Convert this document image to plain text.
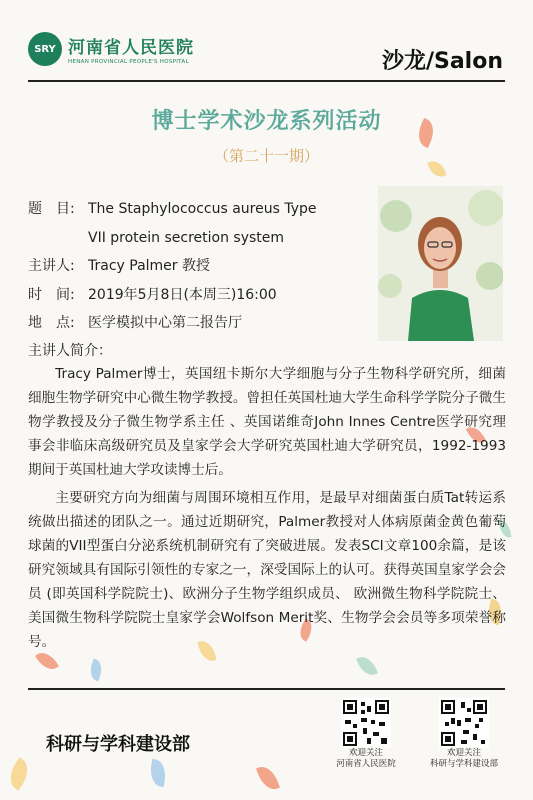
SRY 河南省人民医院
HENAN PROVINCIAL PEOPLE'S HOSPITAL	沙龙/Salon
博士学术沙龙系列活动
（第二十一期）
题　目: The Staphylococcus aureus Type
VII protein secretion system
主讲人: Tracy Palmer 教授
时　间: 2019年5月8日(本周三)16:00
地　点: 医学模拟中心第二报告厅
主讲人简介：
Tracy Palmer博士，英国纽卡斯尔大学细胞与分子生物科学研究所，细菌细胞生物学研究中心微生物学教授。曾担任英国杜迪大学生命科学学院分子微生物学教授及分子微生物学系主任 、英国诺维奇John Innes Centre医学研究理事会非临床高级研究员及皇家学会大学研究英国杜迪大学研究员，1992-1993 期间于英国杜迪大学攻读博士后。
主要研究方向为细菌与周围环境相互作用，是最早对细菌蛋白质Tat转运系统做出描述的团队之一。通过近期研究，Palmer教授对人体病原菌金黄色葡萄球菌的VII型蛋白分泌系统机制研究有了突破进展。发表SCI文章100余篇，是该研究领域具有国际引领性的专家之一，深受国际上的认可。获得英国皇家学会会员 (即英国科学院院士)、欧洲分子生物学组织成员、 欧洲微生物科学院院士、美国微生物科学院院士皇家学会Wolfson Merit奖、生物学会会员等多项荣誉称号。
科研与学科建设部	欢迎关注
河南省人民医院
欢迎关注
科研与学科建设部
